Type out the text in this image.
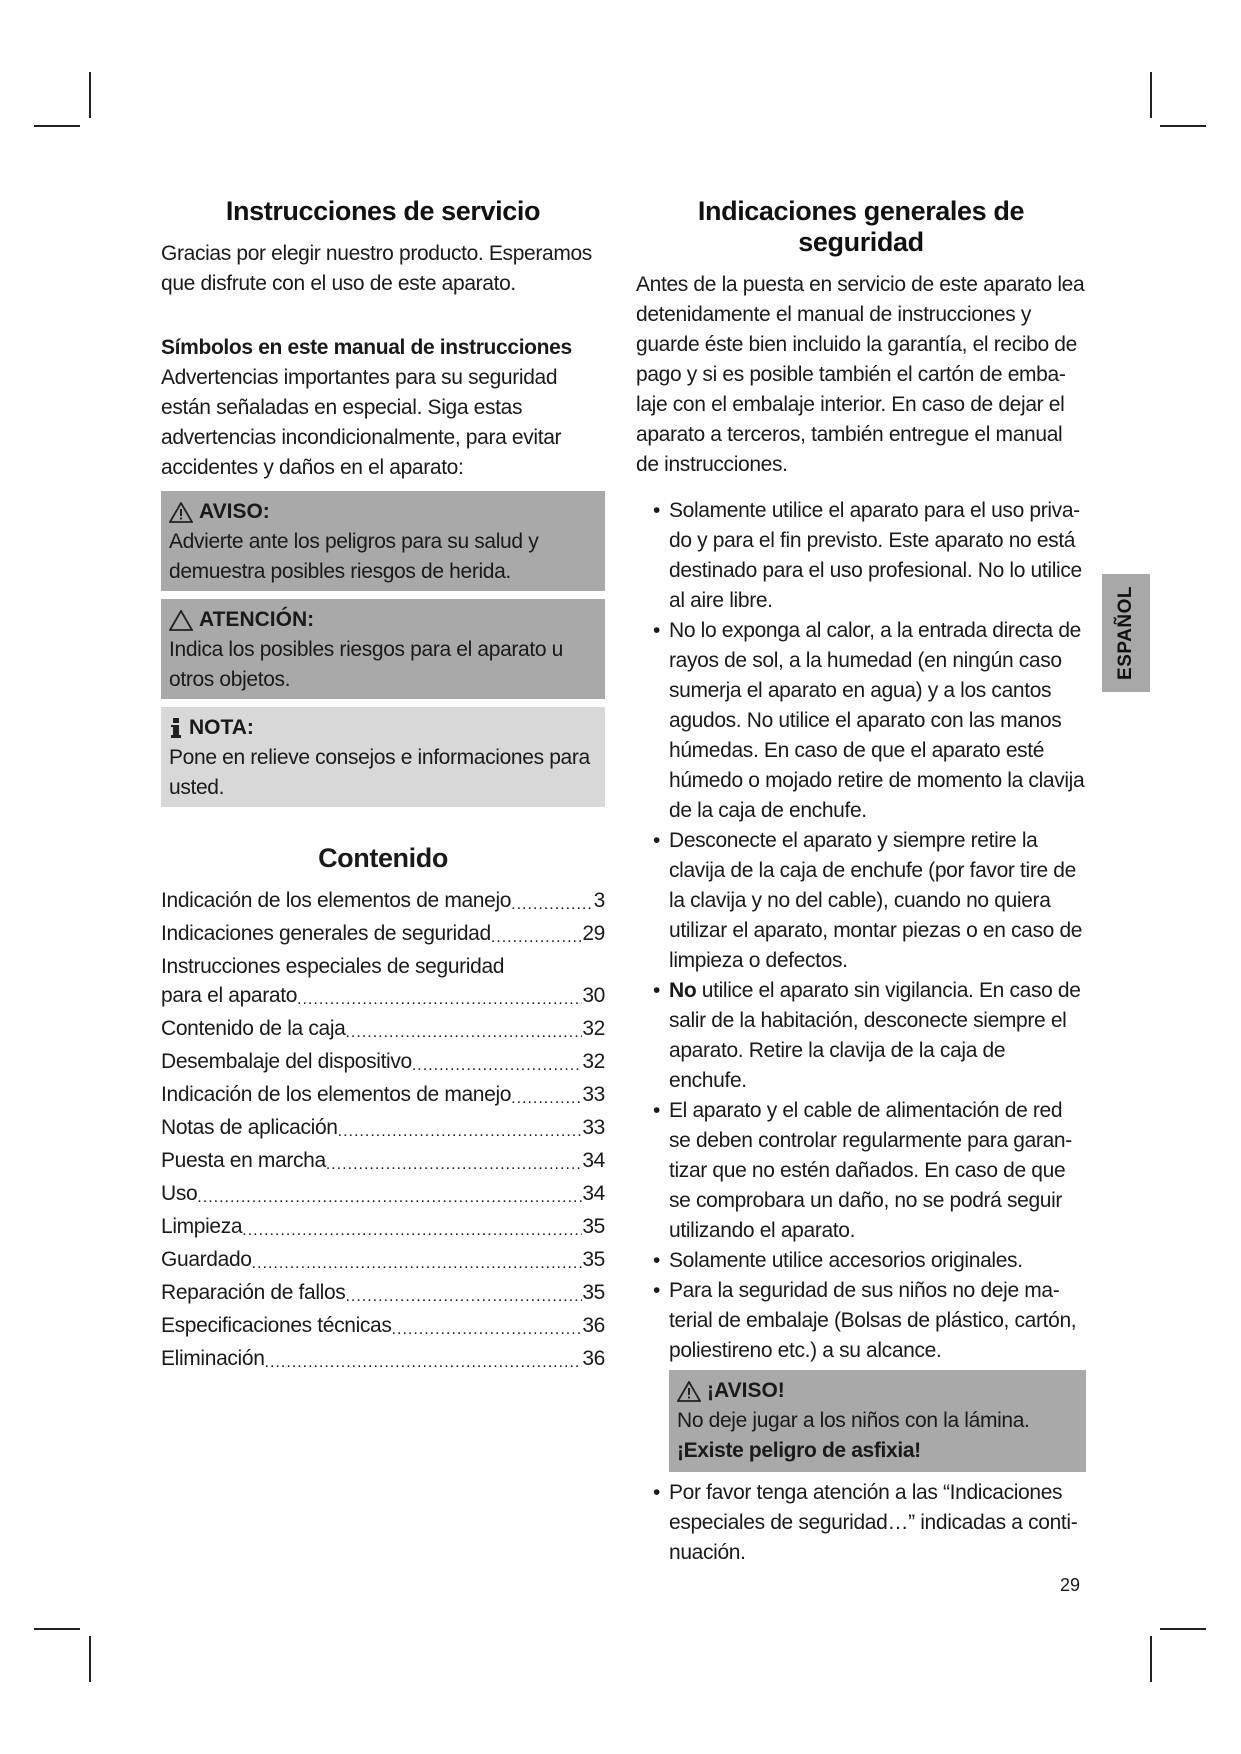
Instrucciones de servicio

Gracias por elegir nuestro producto. Esperamos que disfrute con el uso de este aparato.

Símbolos en este manual de instrucciones

Advertencias importantes para su seguridad están señaladas en especial. Siga estas advertencias incondicionalmente, para evitar accidentes y daños en el aparato:

AVISO:
Advierte ante los peligros para su salud y demuestra posibles riesgos de herida.
ATENCIÓN:
Indica los posibles riesgos para el aparato u otros objetos.
NOTA:
Pone en relieve consejos e informaciones para usted.
Contenido
Indicación de los elementos de manejo .....	3
Indicaciones generales de seguridad .....	29
Instrucciones especiales de seguridad
para el aparato .....	30
Contenido de la caja .....	32
Desembalaje del dispositivo .....	32
Indicación de los elementos de manejo .....	33
Notas de aplicación .....	33
Puesta en marcha .....	34
Uso .....	34
Limpieza .....	35
Guardado .....	35
Reparación de fallos .....	35
Especificaciones técnicas .....	36
Eliminación .....	36
Indicaciones generales de seguridad

Antes de la puesta en servicio de este aparato lea detenidamente el manual de instrucciones y guarde éste bien incluido la garantía, el recibo de pago y si es posible también el cartón de embalaje con el embalaje interior. En caso de dejar el aparato a terceros, también entregue el manual de instrucciones.

• Solamente utilice el aparato para el uso privado y para el fin previsto. Este aparato no está destinado para el uso profesional. No lo utilice al aire libre.
• No lo exponga al calor, a la entrada directa de rayos de sol, a la humedad (en ningún caso sumerja el aparato en agua) y a los cantos agudos. No utilice el aparato con las manos húmedas. En caso de que el aparato esté húmedo o mojado retire de momento la clavija de la caja de enchufe.
• Desconecte el aparato y siempre retire la clavija de la caja de enchufe (por favor tire de la clavija y no del cable), cuando no quiera utilizar el aparato, montar piezas o en caso de limpieza o defectos.
• No utilice el aparato sin vigilancia. En caso de salir de la habitación, desconecte siempre el aparato. Retire la clavija de la caja de enchufe.
• El aparato y el cable de alimentación de red se deben controlar regularmente para garantizar que no estén dañados. En caso de que se comprobara un daño, no se podrá seguir utilizando el aparato.
• Solamente utilice accesorios originales.
• Para la seguridad de sus niños no deje material de embalaje (Bolsas de plástico, cartón, poliestireno etc.) a su alcance.
¡AVISO!
No deje jugar a los niños con la lámina.
¡Existe peligro de asfixia!
• Por favor tenga atención a las “Indicaciones especiales de seguridad…” indicadas a continuación.
ESPAÑOL
29
